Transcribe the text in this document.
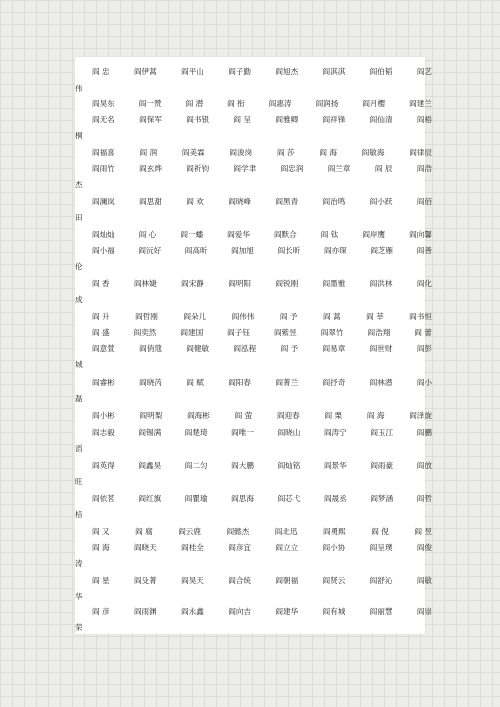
阎 忠	阎伊蒿	阎平山	阎子勤	阎旭杰	阎淇淇	阎伯韬	阎艺
伟
阎昊东	阎一赞	阎 潜	阎 衔	阎惠涛	阎润扬	阎月樱	阎建兰
阎无名	阎保军	阎书银	阎 呈	阎雅卿	阎祥锋	阎仙清	阎梧
桐
阎福喜	阎 润	阎美霖	阎浚岗	阎 莎	阎 海	阎敏海	阎律辰
阎雨竹	阎玄烨	阎祈钧	阎学聿	阎忠润	阎兰章	阎 辰	阎浩
杰
阎澜岚	阎思甜	阎 欢	阎晓峰	阎黑青	阎治鸣	阎小跃	阎佰
田
阎灿灿	阎 心	阎一蟠	阎爱华	阎默合	阎 钛	阎岸鹰	阎向馨
阎小福	阎沅好	阎高昕	阎加旭	阎长昕	阎亦琛	阎芝雁	阎善
伦
阎 香	阎林婕	阎宋静	阎明阳	阎锐刚	阎墨雅	阎洪林	阎化
成
阎 升	阎哲刚	阎朵儿	阎伟伟	阎 予	阎 蒿	阎 莘	阎书恒
阎 盛	阎奕然	阎建国	阎子钰	阎紫昱	阎翠竹	阎浩翔	阎 蕾
阎意萱	阎俏蔻	阎健敏	阎泓程	阎 予	阎易章	阎世财	阎彭
城
阎睿彬	阎晓芮	阎 赋	阎阳春	阎菁兰	阎抒奇	阎林潜	阎小
磊
阎小彬	阎明梨	阎海彬	阎 萤	阎迎春	阎 栗	阎 海	阎泽旋
阎志毅	阎锡满	阎楚琦	阎唯一	阎晓山	阎涛宁	阎玉江	阎鹏
滔
阎英得	阎鑫昊	阎二匀	阎大鹏	阎灿铭	阎景华	阎雨豪	阎放
旺
阎依茗	阎红旗	阎瞿瑜	阎思海	阎芯弋	阎晟丞	阎梦涵	阎哲
棓
阎 又	阎 腐	阎云鹿	阎懿杰	阎北迅	阎勇熙	阎 倪	阎 昱
阎 海	阎晓天	阎桂全	阎彦宜	阎立立	阎小协	阎呈璞	阎俊
涛
阎 星	阎殳菁	阎昊天	阎合统	阎朝福	阎贤云	阎舒沁	阎敏
华
阎 彦	阎雨渊	阎永鑫	阎向吉	阎建华	阎有城	阎丽慧	阎崇
荣
